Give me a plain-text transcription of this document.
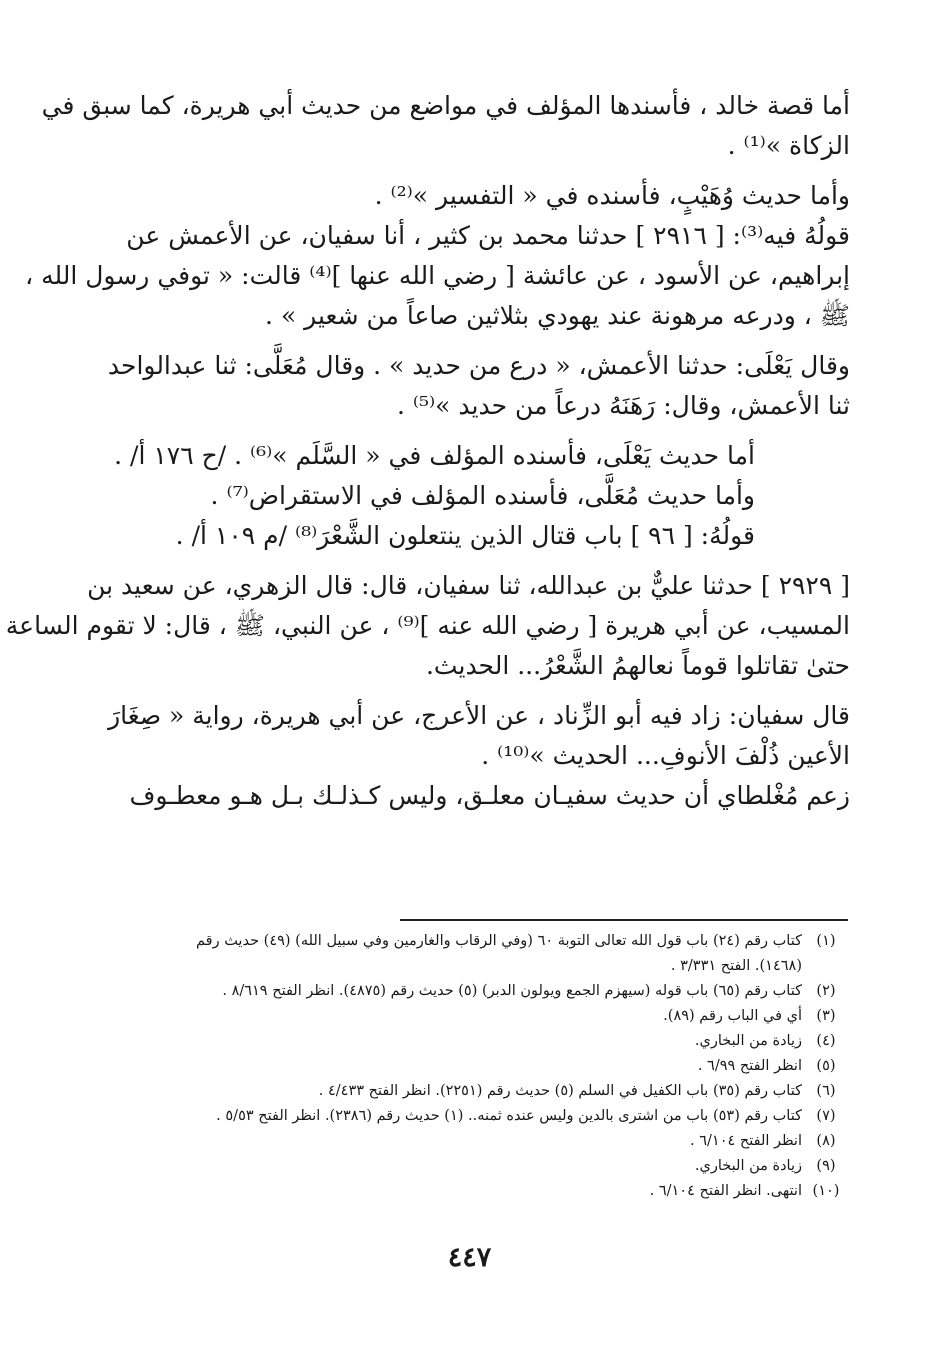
أما قصة خالد ، فأسندها المؤلف في مواضع من حديث أبي هريرة، كما سبق في
الزكاة »⁽¹⁾ .
وأما حديث وُهَيْبٍ، فأسنده في « التفسير »⁽²⁾ .
قولُهُ فيه⁽³⁾: [ ٢٩١٦ ] حدثنا محمد بن كثير ، أنا سفيان، عن الأعمش عن
إبراهيم، عن الأسود ، عن عائشة [ رضي الله عنها ]⁽⁴⁾ قالت: « توفي رسول الله ،
ﷺ ، ودرعه مرهونة عند يهودي بثلاثين صاعاً من شعير » .
وقال يَعْلَى: حدثنا الأعمش، « درع من حديد » . وقال مُعَلَّى: ثنا عبدالواحد
ثنا الأعمش، وقال: رَهَنَهُ درعاً من حديد »⁽⁵⁾ .
أما حديث يَعْلَى، فأسنده المؤلف في « السَّلَم »⁽⁶⁾ . /ح ١٧٦ أ/ .
وأما حديث مُعَلَّى، فأسنده المؤلف في الاستقراض⁽⁷⁾ .
قولُهُ: [ ٩٦ ] باب قتال الذين ينتعلون الشَّعْرَ⁽⁸⁾ /م ١٠٩ أ/ .
[ ٢٩٢٩ ] حدثنا عليٌّ بن عبدالله، ثنا سفيان، قال: قال الزهري، عن سعيد بن
المسيب، عن أبي هريرة [ رضي الله عنه ]⁽⁹⁾ ، عن النبي، ﷺ ، قال: لا تقوم الساعة
حتىٰ تقاتلوا قوماً نعالهمُ الشَّعْرُ... الحديث.
قال سفيان: زاد فيه أبو الزِّناد ، عن الأعرج، عن أبي هريرة، رواية « صِغَارَ
الأعين ذُلْفَ الأنوفِ... الحديث »⁽¹⁰⁾ .
زعم مُغْلطاي أن حديث سفيـان معلـق، وليس كـذلـك بـل هـو معطـوف
(١)
كتاب رقم (٢٤) باب قول الله تعالى التوبة ٦٠ (وفي الرقاب والغارمين وفي سبيل الله) (٤٩) حديث رقم
(١٤٦٨). الفتح ٣/٣٣١ .
(٢)
كتاب رقم (٦٥) باب قوله (سيهزم الجمع ويولون الدبر) (٥) حديث رقم (٤٨٧٥). انظر الفتح ٨/٦١٩ .
(٣)
أي في الباب رقم (٨٩).
(٤)
زيادة من البخاري.
(٥)
انظر الفتح ٦/٩٩ .
(٦)
كتاب رقم (٣٥) باب الكفيل في السلم (٥) حديث رقم (٢٢٥١). انظر الفتح ٤/٤٣٣ .
(٧)
كتاب رقم (٥٣) باب من اشترى بالدين وليس عنده ثمنه.. (١) حديث رقم (٢٣٨٦). انظر الفتح ٥/٥٣ .
(٨)
انظر الفتح ٦/١٠٤ .
(٩)
زيادة من البخاري.
(١٠)
انتهى. انظر الفتح ٦/١٠٤ .
٤٤٧
